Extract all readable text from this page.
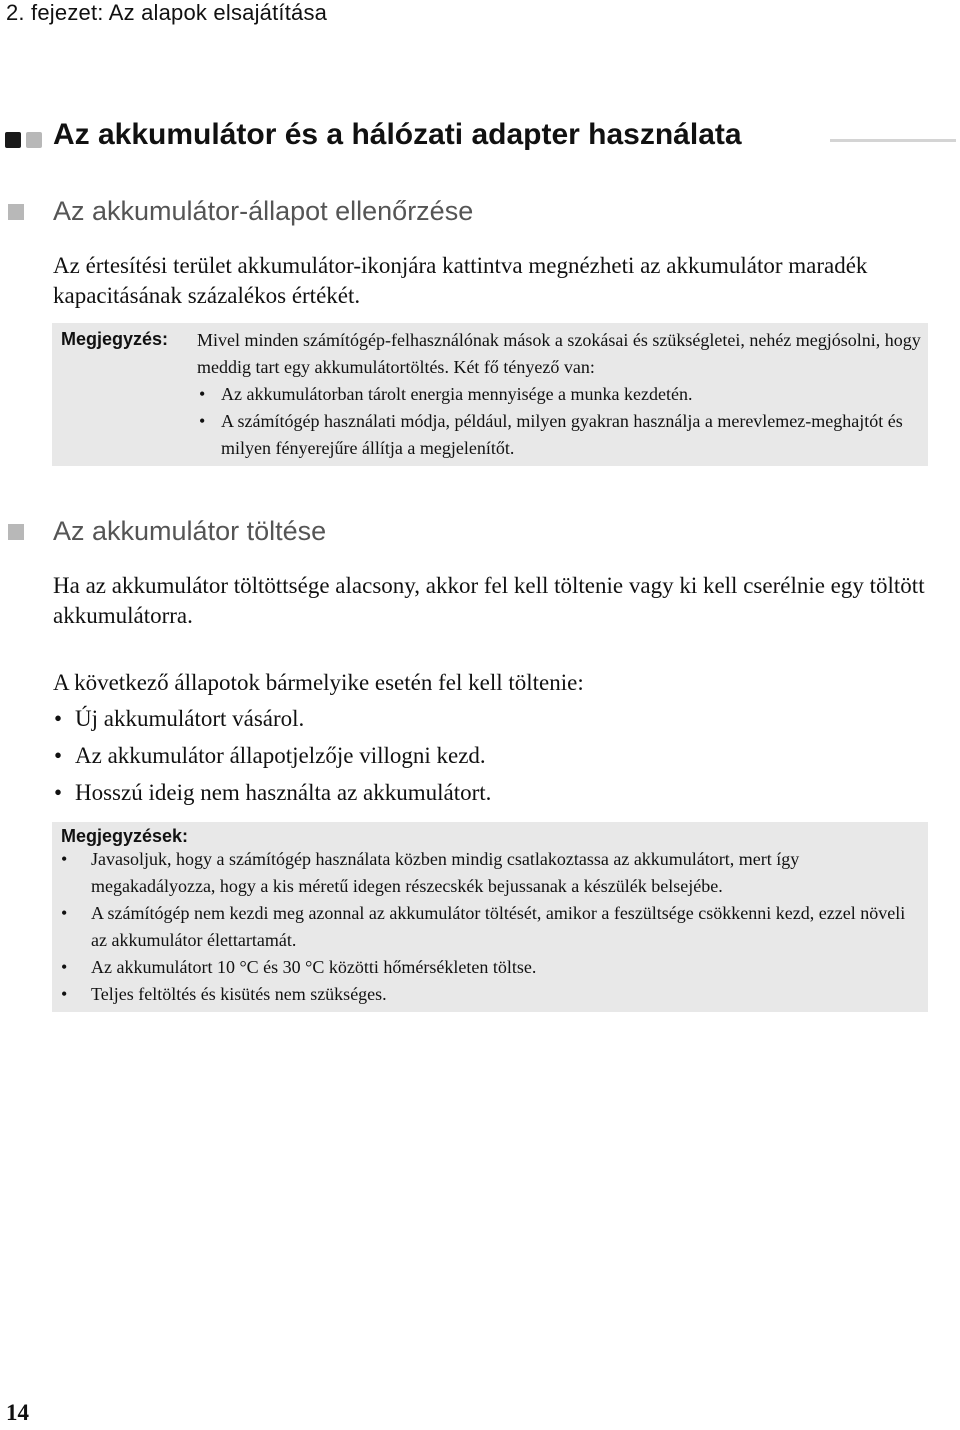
2. fejezet: Az alapok elsajátítása
Az akkumulátor és a hálózati adapter használata
Az akkumulátor-állapot ellenőrzése
Az értesítési terület akkumulátor-ikonjára kattintva megnézheti az akkumulátor maradék kapacitásának százalékos értékét.
Megjegyzés: Mivel minden számítógép-felhasználónak mások a szokásai és szükségletei, nehéz megjósolni, hogy meddig tart egy akkumulátortöltés. Két fő tényező van:
• Az akkumulátorban tárolt energia mennyisége a munka kezdetén.
• A számítógép használati módja, például, milyen gyakran használja a merevlemez-meghajtót és milyen fényerejűre állítja a megjelenítőt.
Az akkumulátor töltése
Ha az akkumulátor töltöttsége alacsony, akkor fel kell töltenie vagy ki kell cserélnie egy töltött akkumulátorra.
A következő állapotok bármelyike esetén fel kell töltenie:
• Új akkumulátort vásárol.
• Az akkumulátor állapotjelzője villogni kezd.
• Hosszú ideig nem használta az akkumulátort.
Megjegyzések:
• Javasoljuk, hogy a számítógép használata közben mindig csatlakoztassa az akkumulátort, mert így megakadályozza, hogy a kis méretű idegen részecskék bejussanak a készülék belsejébe.
• A számítógép nem kezdi meg azonnal az akkumulátor töltését, amikor a feszültsége csökkenni kezd, ezzel növeli az akkumulátor élettartamát.
• Az akkumulátort 10 °C és 30 °C közötti hőmérsékleten töltse.
• Teljes feltöltés és kisütés nem szükséges.
14
